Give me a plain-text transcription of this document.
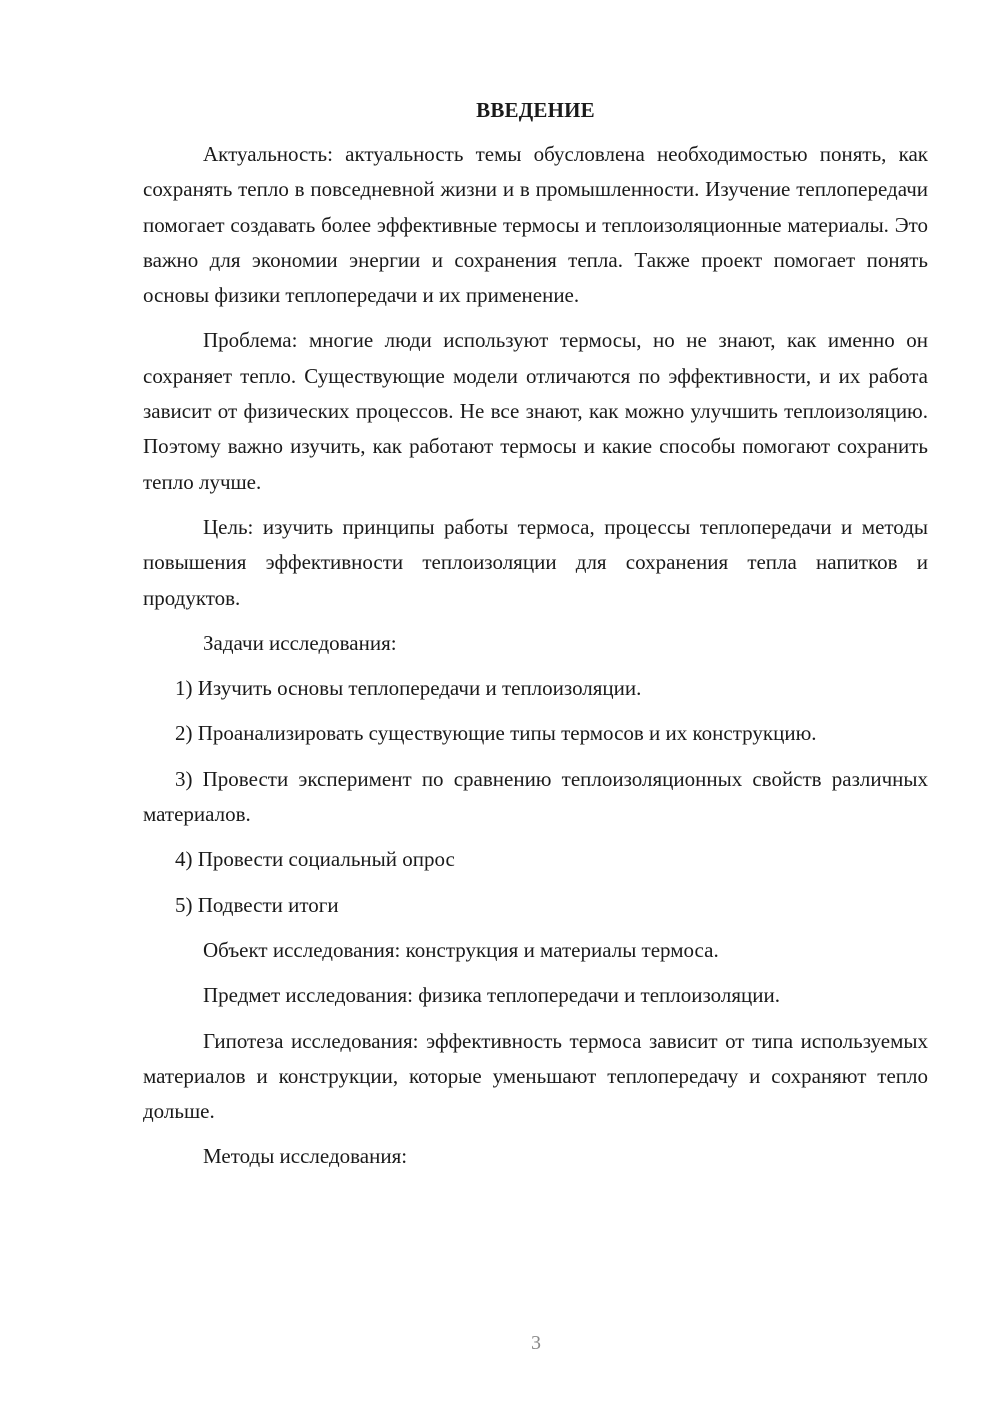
ВВЕДЕНИЕ

Актуальность: актуальность темы обусловлена необходимостью понять, как сохранять тепло в повседневной жизни и в промышленности. Изучение теплопередачи помогает создавать более эффективные термосы и теплоизоляционные материалы. Это важно для экономии энергии и сохранения тепла. Также проект помогает понять основы физики теплопередачи и их применение.

Проблема: многие люди используют термосы, но не знают, как именно он сохраняет тепло. Существующие модели отличаются по эффективности, и их работа зависит от физических процессов. Не все знают, как можно улучшить теплоизоляцию. Поэтому важно изучить, как работают термосы и какие способы помогают сохранить тепло лучше.

Цель: изучить принципы работы термоса, процессы теплопередачи и методы повышения эффективности теплоизоляции для сохранения тепла напитков и продуктов.

Задачи исследования:

1) Изучить основы теплопередачи и теплоизоляции.

2) Проанализировать существующие типы термосов и их конструкцию.

3) Провести эксперимент по сравнению теплоизоляционных свойств различных материалов.

4) Провести социальный опрос

5) Подвести итоги

Объект исследования: конструкция и материалы термоса.

Предмет исследования: физика теплопередачи и теплоизоляции.

Гипотеза исследования: эффективность термоса зависит от типа используемых материалов и конструкции, которые уменьшают теплопередачу и сохраняют тепло дольше.

Методы исследования:

3
